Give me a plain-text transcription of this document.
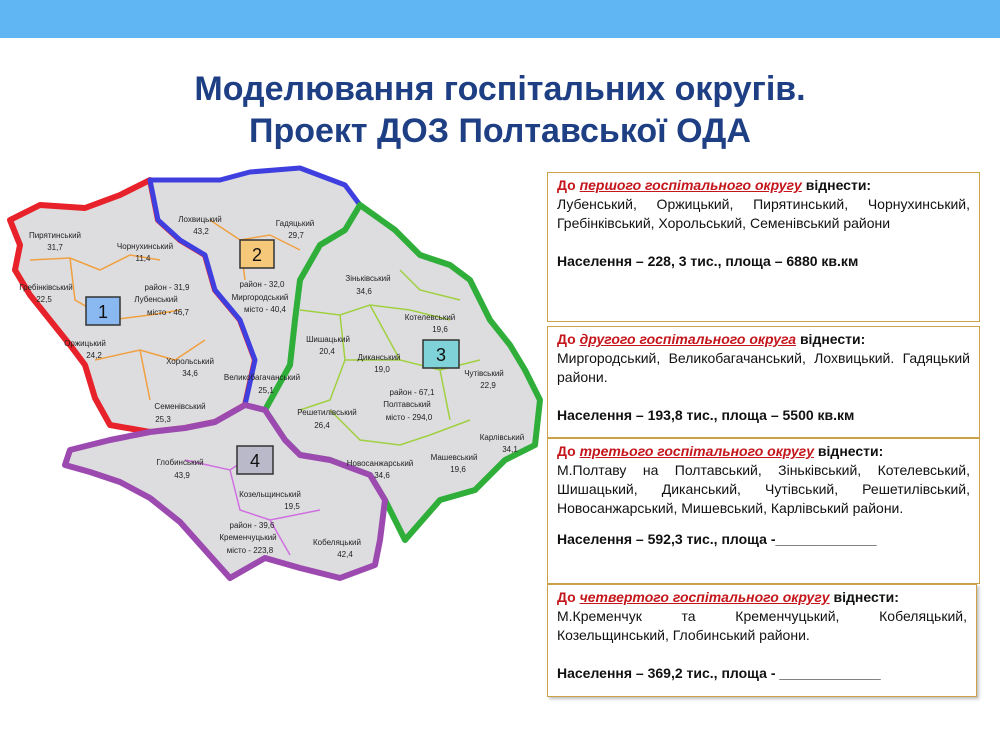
Моделювання госпітальних округів.
Проект ДОЗ Полтавської ОДА
1
2
3
4
Пирятинський
31,7	Чорнухинський
11,4
Лохвицький
43,2
Гадяцький
29,7
Гребінківський
22,5
район - 31,9
Лубенський
місто - 46,7
район - 32,0
Миргородський
місто - 40,4
Зіньківський
34,6
Оржицький
24,2
Котелевський
19,6
Шишацький
20,4
Диканський
19,0
Хорольський
34,6	Чутівський
22,9
Великобагачанський
25,1	район - 67,1
Полтавський
місто - 294,0
Семенівський
25,3
Решетилівський
26,4
Карлівський
34,1
Глобинський
43,9
Новосанжарський
34,6
Машевський
19,6
Козельщинський
19,5
район - 39,6
Кременчуцький
місто - 223,8
Кобеляцький
42,4

До першого госпітального округу віднести:

Лубенський, Оржицький, Пирятинський, Чорнухинський, Гребінківський, Хорольський, Семенівський райони

Населення – 228, 3 тис., площа – 6880 кв.км

До другого госпітального округа віднести:

Миргородський, Великобагачанський, Лохвицький. Гадяцький райони.

Населення – 193,8 тис., площа – 5500 кв.км

До третього госпітального округу віднести:

М.Полтаву на Полтавський, Зіньківський, Котелевський, Шишацький, Диканський, Чутівський, Решетилівський, Новосанжарський, Мишевський, Карлівський райони.

Населення – 592,3 тис., площа -_____________

До четвертого госпітального округу віднести:

М.Кременчук та Кременчуцький, Кобеляцький, Козельщинський, Глобинський райони.

Населення – 369,2 тис., площа - _____________
